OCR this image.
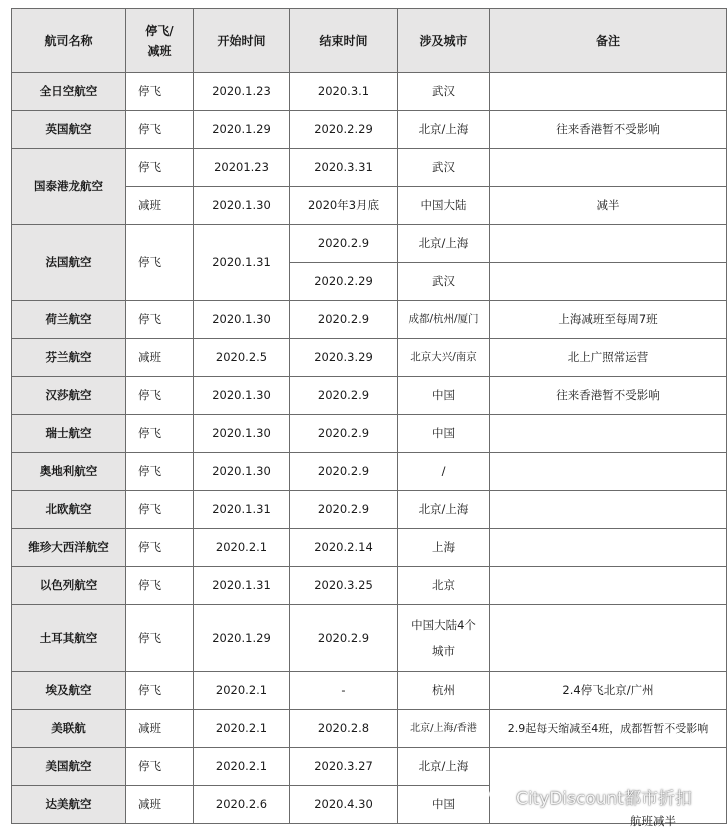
航司名称	停飞/减班	开始时间	结束时间	涉及城市	备注
全日空航空	停飞	2020.1.23	2020.3.1	武汉	
英国航空	停飞	2020.1.29	2020.2.29	北京/上海	往来香港暂不受影响
国泰港龙航空	停飞	20201.23	2020.3.31	武汉	
	减班	2020.1.30	2020年3月底	中国大陆	减半
法国航空	停飞	2020.1.31	2020.2.9	北京/上海	
			2020.2.29	武汉	
荷兰航空	停飞	2020.1.30	2020.2.9	成都/杭州/厦门	上海减班至每周7班
芬兰航空	减班	2020.2.5	2020.3.29	北京大兴/南京	北上广照常运营
汉莎航空	停飞	2020.1.30	2020.2.9	中国	往来香港暂不受影响
瑞士航空	停飞	2020.1.30	2020.2.9	中国	
奥地利航空	停飞	2020.1.30	2020.2.9	/	
北欧航空	停飞	2020.1.31	2020.2.9	北京/上海	
维珍大西洋航空	停飞	2020.2.1	2020.2.14	上海	
以色列航空	停飞	2020.1.31	2020.3.25	北京	
土耳其航空	停飞	2020.1.29	2020.2.9	中国大陆4个城市	
埃及航空	停飞	2020.2.1	-	杭州	2.4停飞北京/广州
美联航	减班	2020.2.1	2020.2.8	北京/上海/香港	2.9起每天缩减至4班，成都暂暂不受影响
美国航空	停飞	2020.2.1	2020.3.27	北京/上海	
达美航空	减班	2020.2.6	2020.4.30	中国	
航班减半
CityDiscount都市折扣
